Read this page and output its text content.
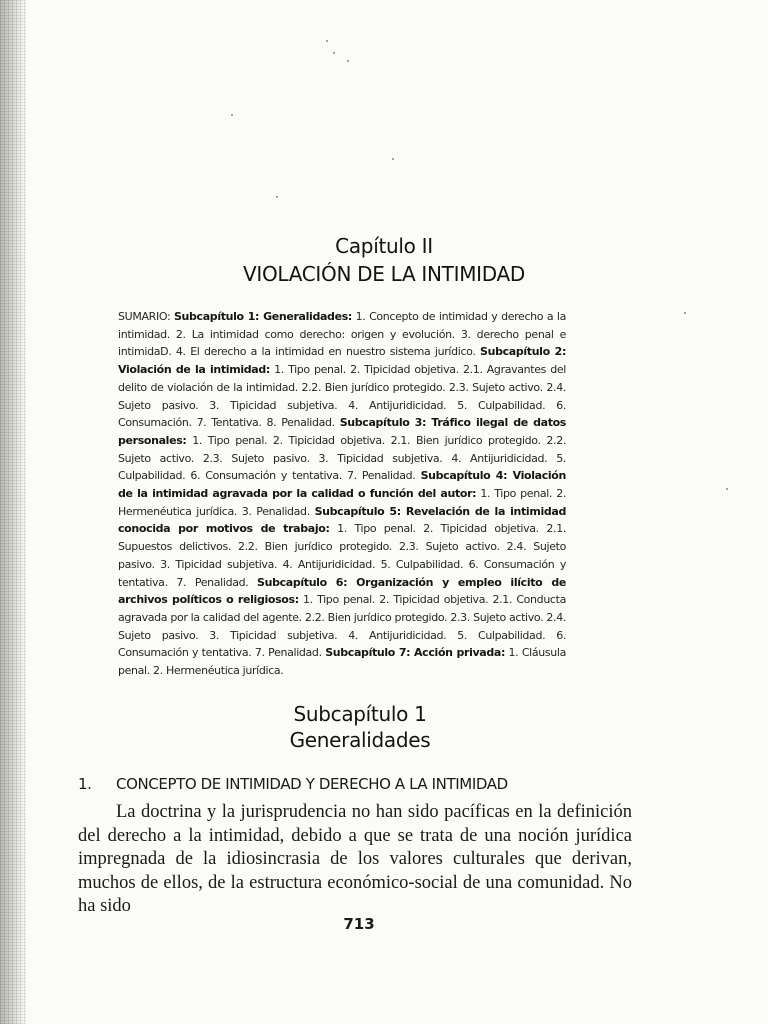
Capítulo II
VIOLACIÓN DE LA INTIMIDAD

SUMARIO: Subcapítulo 1: Generalidades: 1. Concepto de intimidad y derecho a la intimidad. 2. La intimidad como derecho: origen y evolución. 3. derecho penal e intimidaD. 4. El derecho a la intimidad en nuestro sistema jurídico. Subcapítulo 2: Violación de la intimidad: 1. Tipo penal. 2. Tipicidad objetiva. 2.1. Agravantes del delito de violación de la intimidad. 2.2. Bien jurídico protegido. 2.3. Sujeto activo. 2.4. Sujeto pasivo. 3. Tipicidad subjetiva. 4. Antijuridicidad. 5. Culpabilidad. 6. Consumación. 7. Tentativa. 8. Penalidad. Subcapítulo 3: Tráfico ilegal de datos personales: 1. Tipo penal. 2. Tipicidad objetiva. 2.1. Bien jurídico protegido. 2.2. Sujeto activo. 2.3. Sujeto pasivo. 3. Tipicidad subjetiva. 4. Antijuridicidad. 5. Culpabilidad. 6. Consumación y tentativa. 7. Penalidad. Subcapítulo 4: Violación de la intimidad agravada por la calidad o función del autor: 1. Tipo penal. 2. Hermenéutica jurídica. 3. Penalidad. Subcapítulo 5: Revelación de la intimidad conocida por motivos de trabajo: 1. Tipo penal. 2. Tipicidad objetiva. 2.1. Supuestos delictivos. 2.2. Bien jurídico protegido. 2.3. Sujeto activo. 2.4. Sujeto pasivo. 3. Tipicidad subjetiva. 4. Antijuridicidad. 5. Culpabilidad. 6. Consumación y tentativa. 7. Penalidad. Subcapítulo 6: Organización y empleo ilícito de archivos políticos o religiosos: 1. Tipo penal. 2. Tipicidad objetiva. 2.1. Conducta agravada por la calidad del agente. 2.2. Bien jurídico protegido. 2.3. Sujeto activo. 2.4. Sujeto pasivo. 3. Tipicidad subjetiva. 4. Antijuridicidad. 5. Culpabilidad. 6. Consumación y tentativa. 7. Penalidad. Subcapítulo 7: Acción privada: 1. Cláusula penal. 2. Hermenéutica jurídica.

Subcapítulo 1
Generalidades
1. CONCEPTO DE INTIMIDAD Y DERECHO A LA INTIMIDAD

La doctrina y la jurisprudencia no han sido pacíficas en la definición del derecho a la intimidad, debido a que se trata de una noción jurídica impregnada de la idiosincrasia de los valores culturales que derivan, muchos de ellos, de la estructura económico-social de una comunidad. No ha sido

713
